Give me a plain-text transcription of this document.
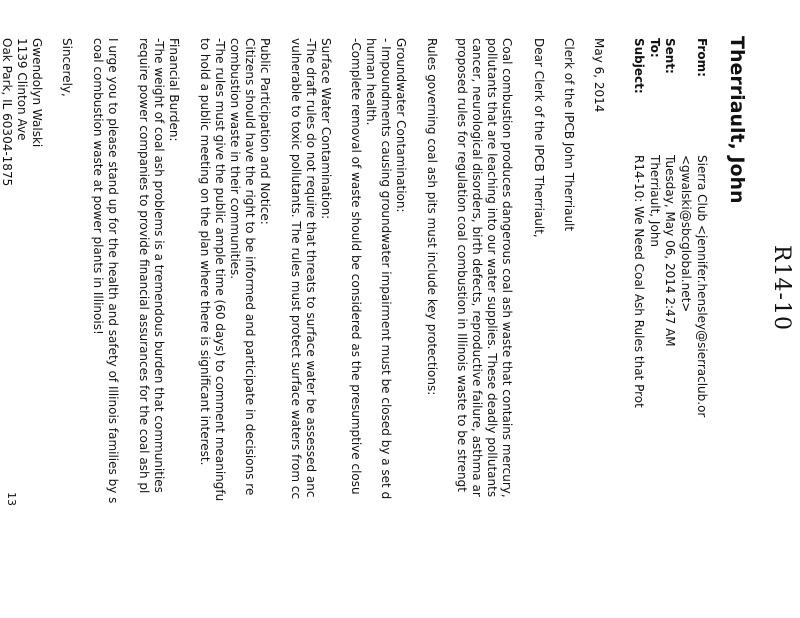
R14-10
Therriault, John
From:
Sierra Club <jennifer.hensley@sierraclub.or
<gwalski@sbcglobal.net>
Sent:
Tuesday, May 06, 2014 2:47 AM
To:
Therriault, John
Subject:
R14-10: We Need Coal Ash Rules that Prot
May 6, 2014
Clerk of the IPCB John Therriault
Dear Clerk of the IPCB Therriault,
Coal combustion produces dangerous coal ash waste that contains mercury,
pollutants that are leaching into our water supplies. These deadly pollutants
cancer, neurological disorders, birth defects, reproductive failure, asthma ar
proposed rules for regulation coal combustion in Illinois waste to be strengt
Rules governing coal ash pits must include key protections:
Groundwater Contamination:
- Impoundments causing groundwater impairment must be closed by a set d
human health.
-Complete removal of waste should be considered as the presumptive closu
Surface Water Contamination:
-The draft rules do not require that threats to surface water be assessed anc
vulnerable to toxic pollutants. The rules must protect surface waters from cc
Public Participation and Notice:
Citizens should have the right to be informed and participate in decisions re
combustion waste in their communities.
-The rules must give the public ample time (60 days) to comment meaningfu
to hold a public meeting on the plan where there is significant interest.
Financial Burden:
-The weight of coal ash problems is a tremendous burden that communities
require power companies to provide financial assurances for the coal ash pl
I urge you to please stand up for the health and safety of Illinois families by s
coal combustion waste at power plants in Illinois!
Sincerely,
Gwendolyn Walski
1139 Clinton Ave
Oak Park, IL 60304-1875
13
